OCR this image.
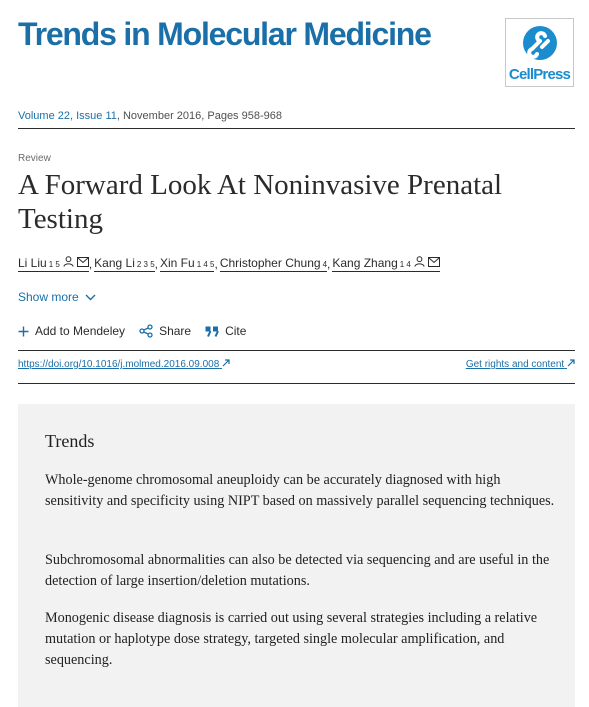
Trends in Molecular Medicine
CellPress
Volume 22, Issue 11, November 2016, Pages 958-968
Review
A Forward Look At Noninvasive Prenatal Testing
Li Liu 1 5 , Kang Li 2 3 5 , Xin Fu 1 4 5 , Christopher Chung 4 , Kang Zhang 1 4
Show more
Add to Mendeley	Share	Cite
https://doi.org/10.1016/j.molmed.2016.09.008	Get rights and content
Trends

Whole-genome chromosomal aneuploidy can be accurately diagnosed with high sensitivity and specificity using NIPT based on massively parallel sequencing techniques.

Subchromosomal abnormalities can also be detected via sequencing and are useful in the detection of large insertion/deletion mutations.

Monogenic disease diagnosis is carried out using several strategies including a relative mutation or haplotype dose strategy, targeted single molecular amplification, and sequencing.
